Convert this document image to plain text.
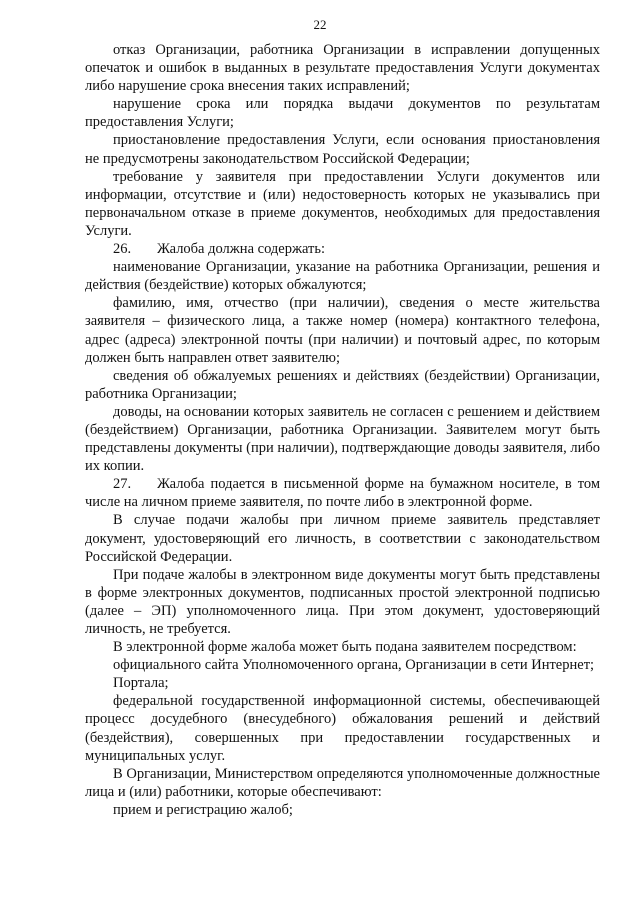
22

отказ Организации, работника Организации в исправлении допущенных опечаток и ошибок в выданных в результате предоставления Услуги документах либо нарушение срока внесения таких исправлений;

нарушение срока или порядка выдачи документов по результатам предоставления Услуги;

приостановление предоставления Услуги, если основания приостановления не предусмотрены законодательством Российской Федерации;

требование у заявителя при предоставлении Услуги документов или информации, отсутствие и (или) недостоверность которых не указывались при первоначальном отказе в приеме документов, необходимых для предоставления Услуги.

26. Жалоба должна содержать:

наименование Организации, указание на работника Организации, решения и действия (бездействие) которых обжалуются;

фамилию, имя, отчество (при наличии), сведения о месте жительства заявителя – физического лица, а также номер (номера) контактного телефона, адрес (адреса) электронной почты (при наличии) и почтовый адрес, по которым должен быть направлен ответ заявителю;

сведения об обжалуемых решениях и действиях (бездействии) Организации, работника Организации;

доводы, на основании которых заявитель не согласен с решением и действием (бездействием) Организации, работника Организации. Заявителем могут быть представлены документы (при наличии), подтверждающие доводы заявителя, либо их копии.

27. Жалоба подается в письменной форме на бумажном носителе, в том числе на личном приеме заявителя, по почте либо в электронной форме.

В случае подачи жалобы при личном приеме заявитель представляет документ, удостоверяющий его личность, в соответствии с законодательством Российской Федерации.

При подаче жалобы в электронном виде документы могут быть представлены в форме электронных документов, подписанных простой электронной подписью (далее – ЭП) уполномоченного лица. При этом документ, удостоверяющий личность, не требуется.

В электронной форме жалоба может быть подана заявителем посредством:

официального сайта Уполномоченного органа, Организации в сети Интернет;

Портала;

федеральной государственной информационной системы, обеспечивающей процесс досудебного (внесудебного) обжалования решений и действий (бездействия), совершенных при предоставлении государственных и муниципальных услуг.

В Организации, Министерством определяются уполномоченные должностные лица и (или) работники, которые обеспечивают:

прием и регистрацию жалоб;
